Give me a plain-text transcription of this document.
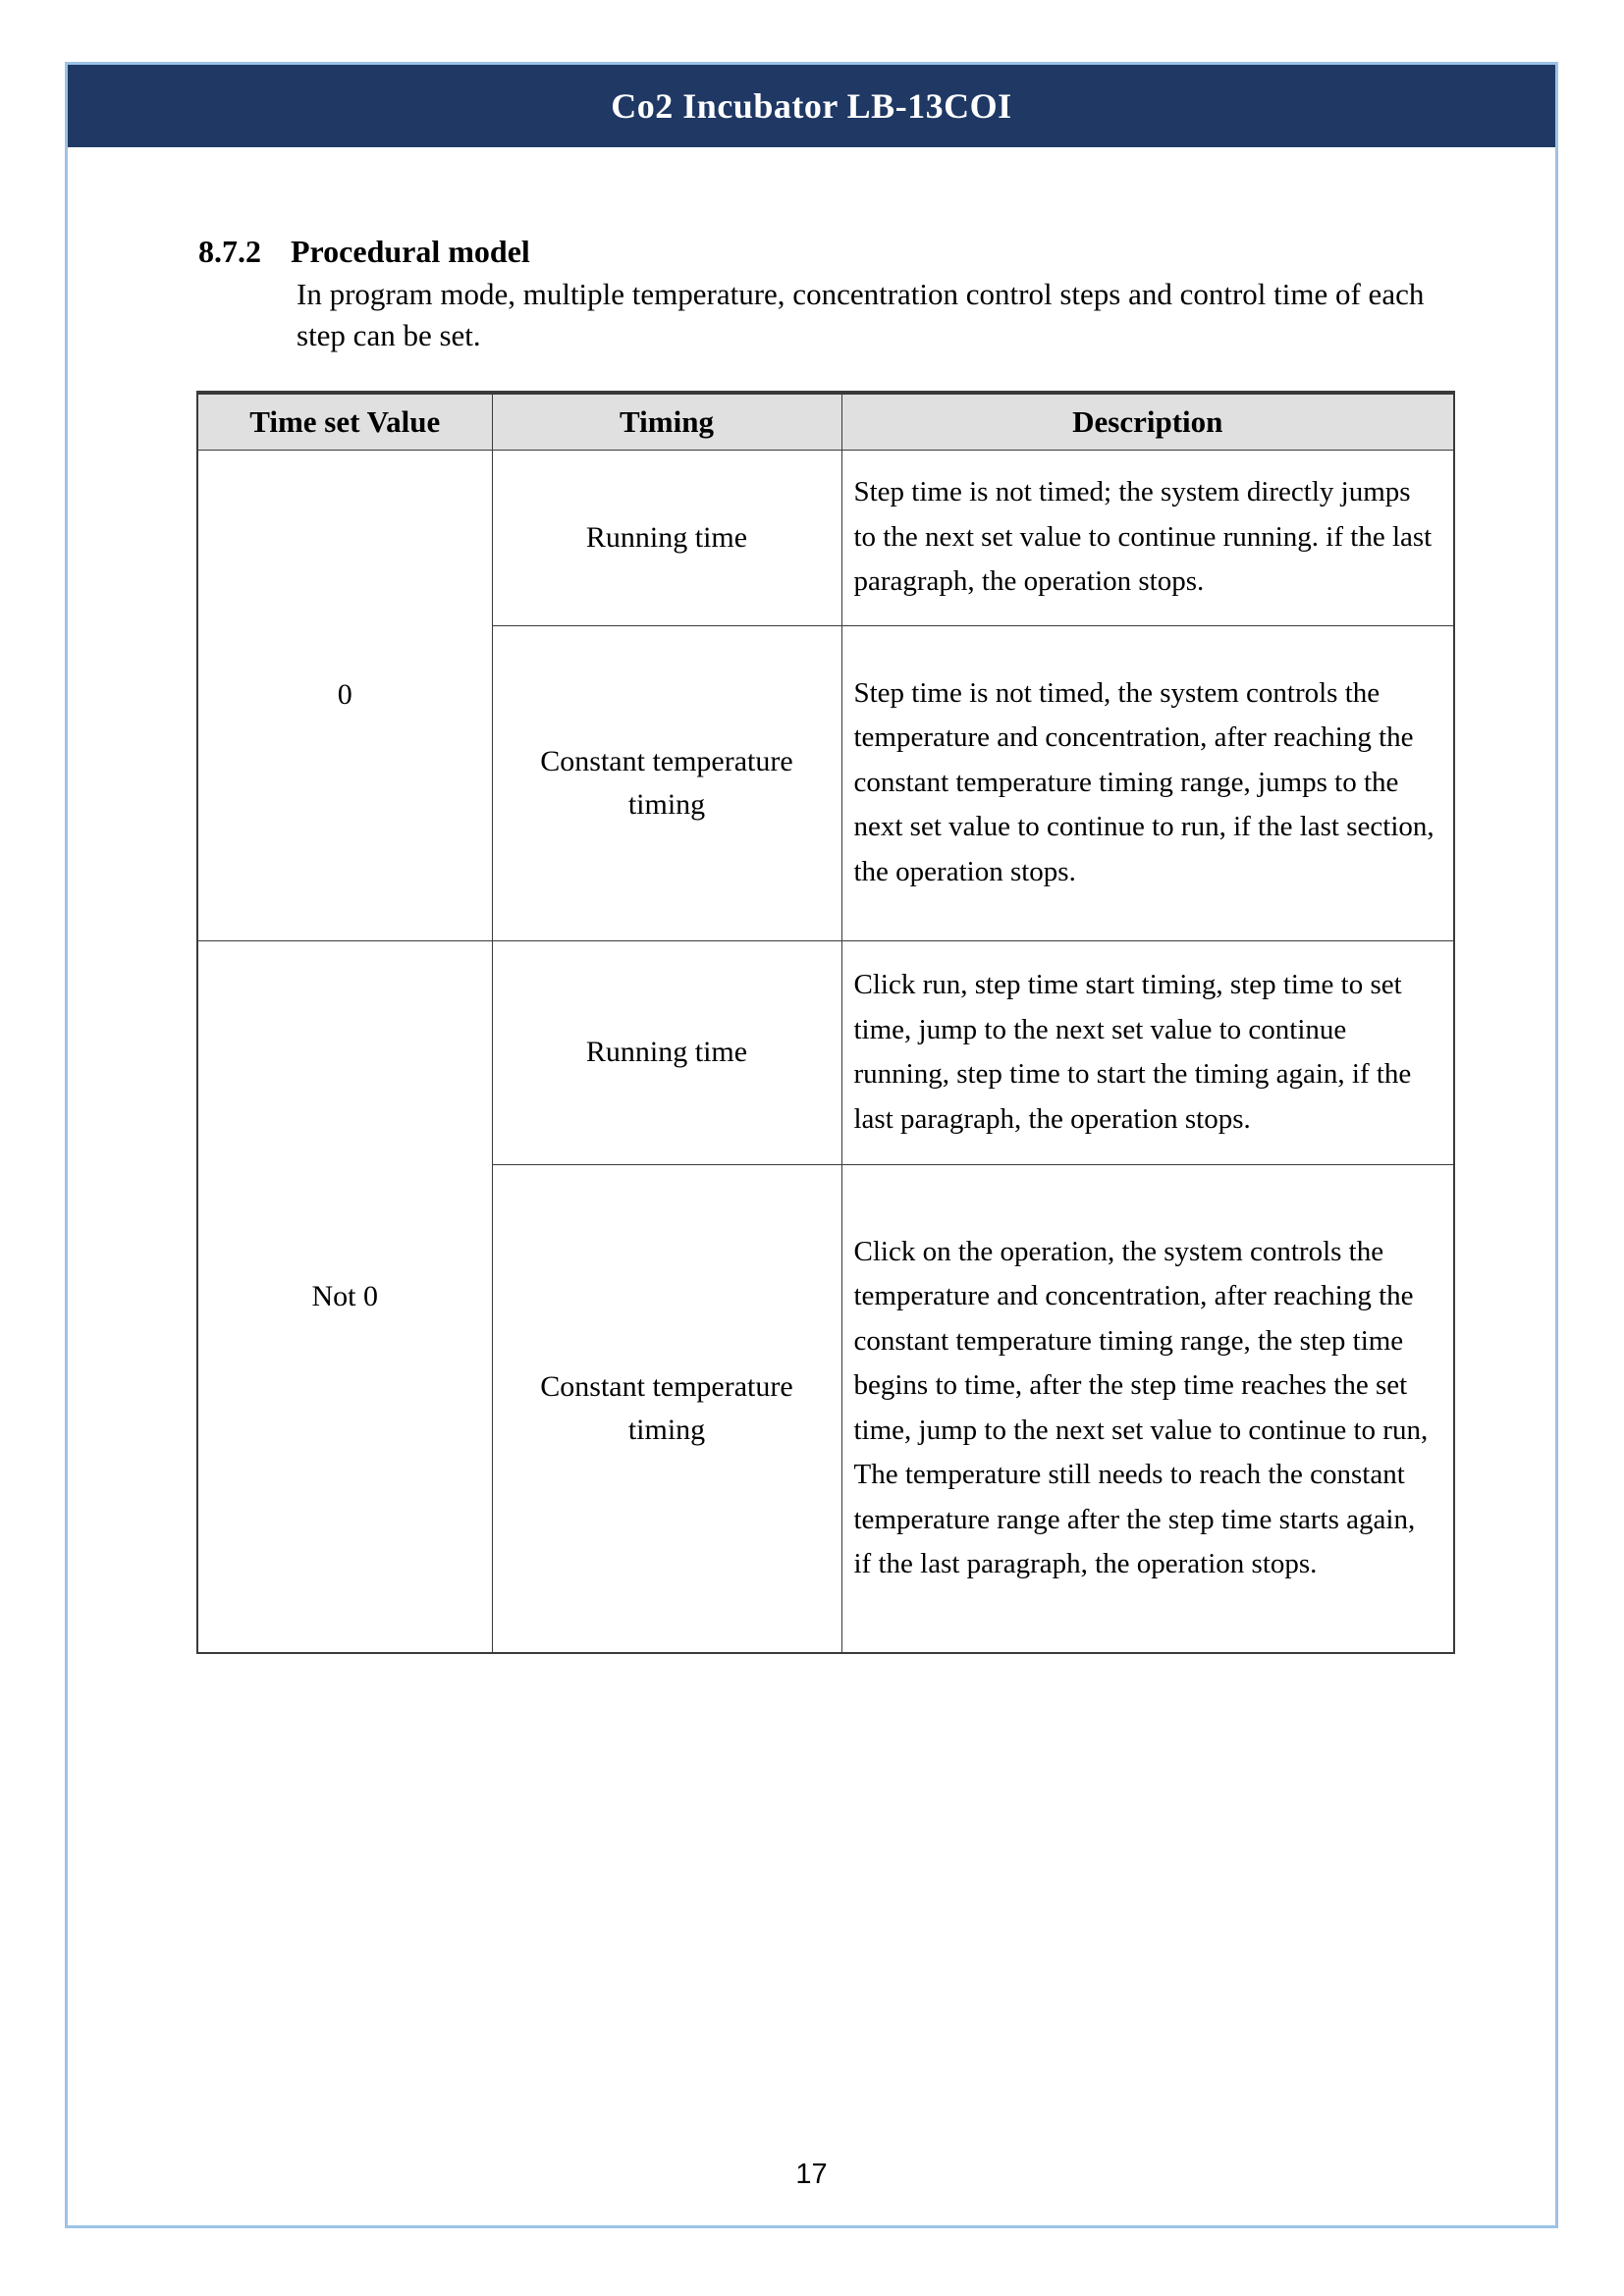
Co2 Incubator LB-13COI
8.7.2 Procedural model
In program mode, multiple temperature, concentration control steps and control time of each step can be set.
Time set Value	Timing	Description
0	Running time	Step time is not timed; the system directly jumps to the next set value to continue running. if the last paragraph, the operation stops.
	Constant temperature timing	Step time is not timed, the system controls the temperature and concentration, after reaching the constant temperature timing range, jumps to the next set value to continue to run, if the last section, the operation stops.
Not 0	Running time	Click run, step time start timing, step time to set time, jump to the next set value to continue running, step time to start the timing again, if the last paragraph, the operation stops.
	Constant temperature timing	Click on the operation, the system controls the temperature and concentration, after reaching the constant temperature timing range, the step time begins to time, after the step time reaches the set time, jump to the next set value to continue to run, The temperature still needs to reach the constant temperature range after the step time starts again, if the last paragraph, the operation stops.
17
